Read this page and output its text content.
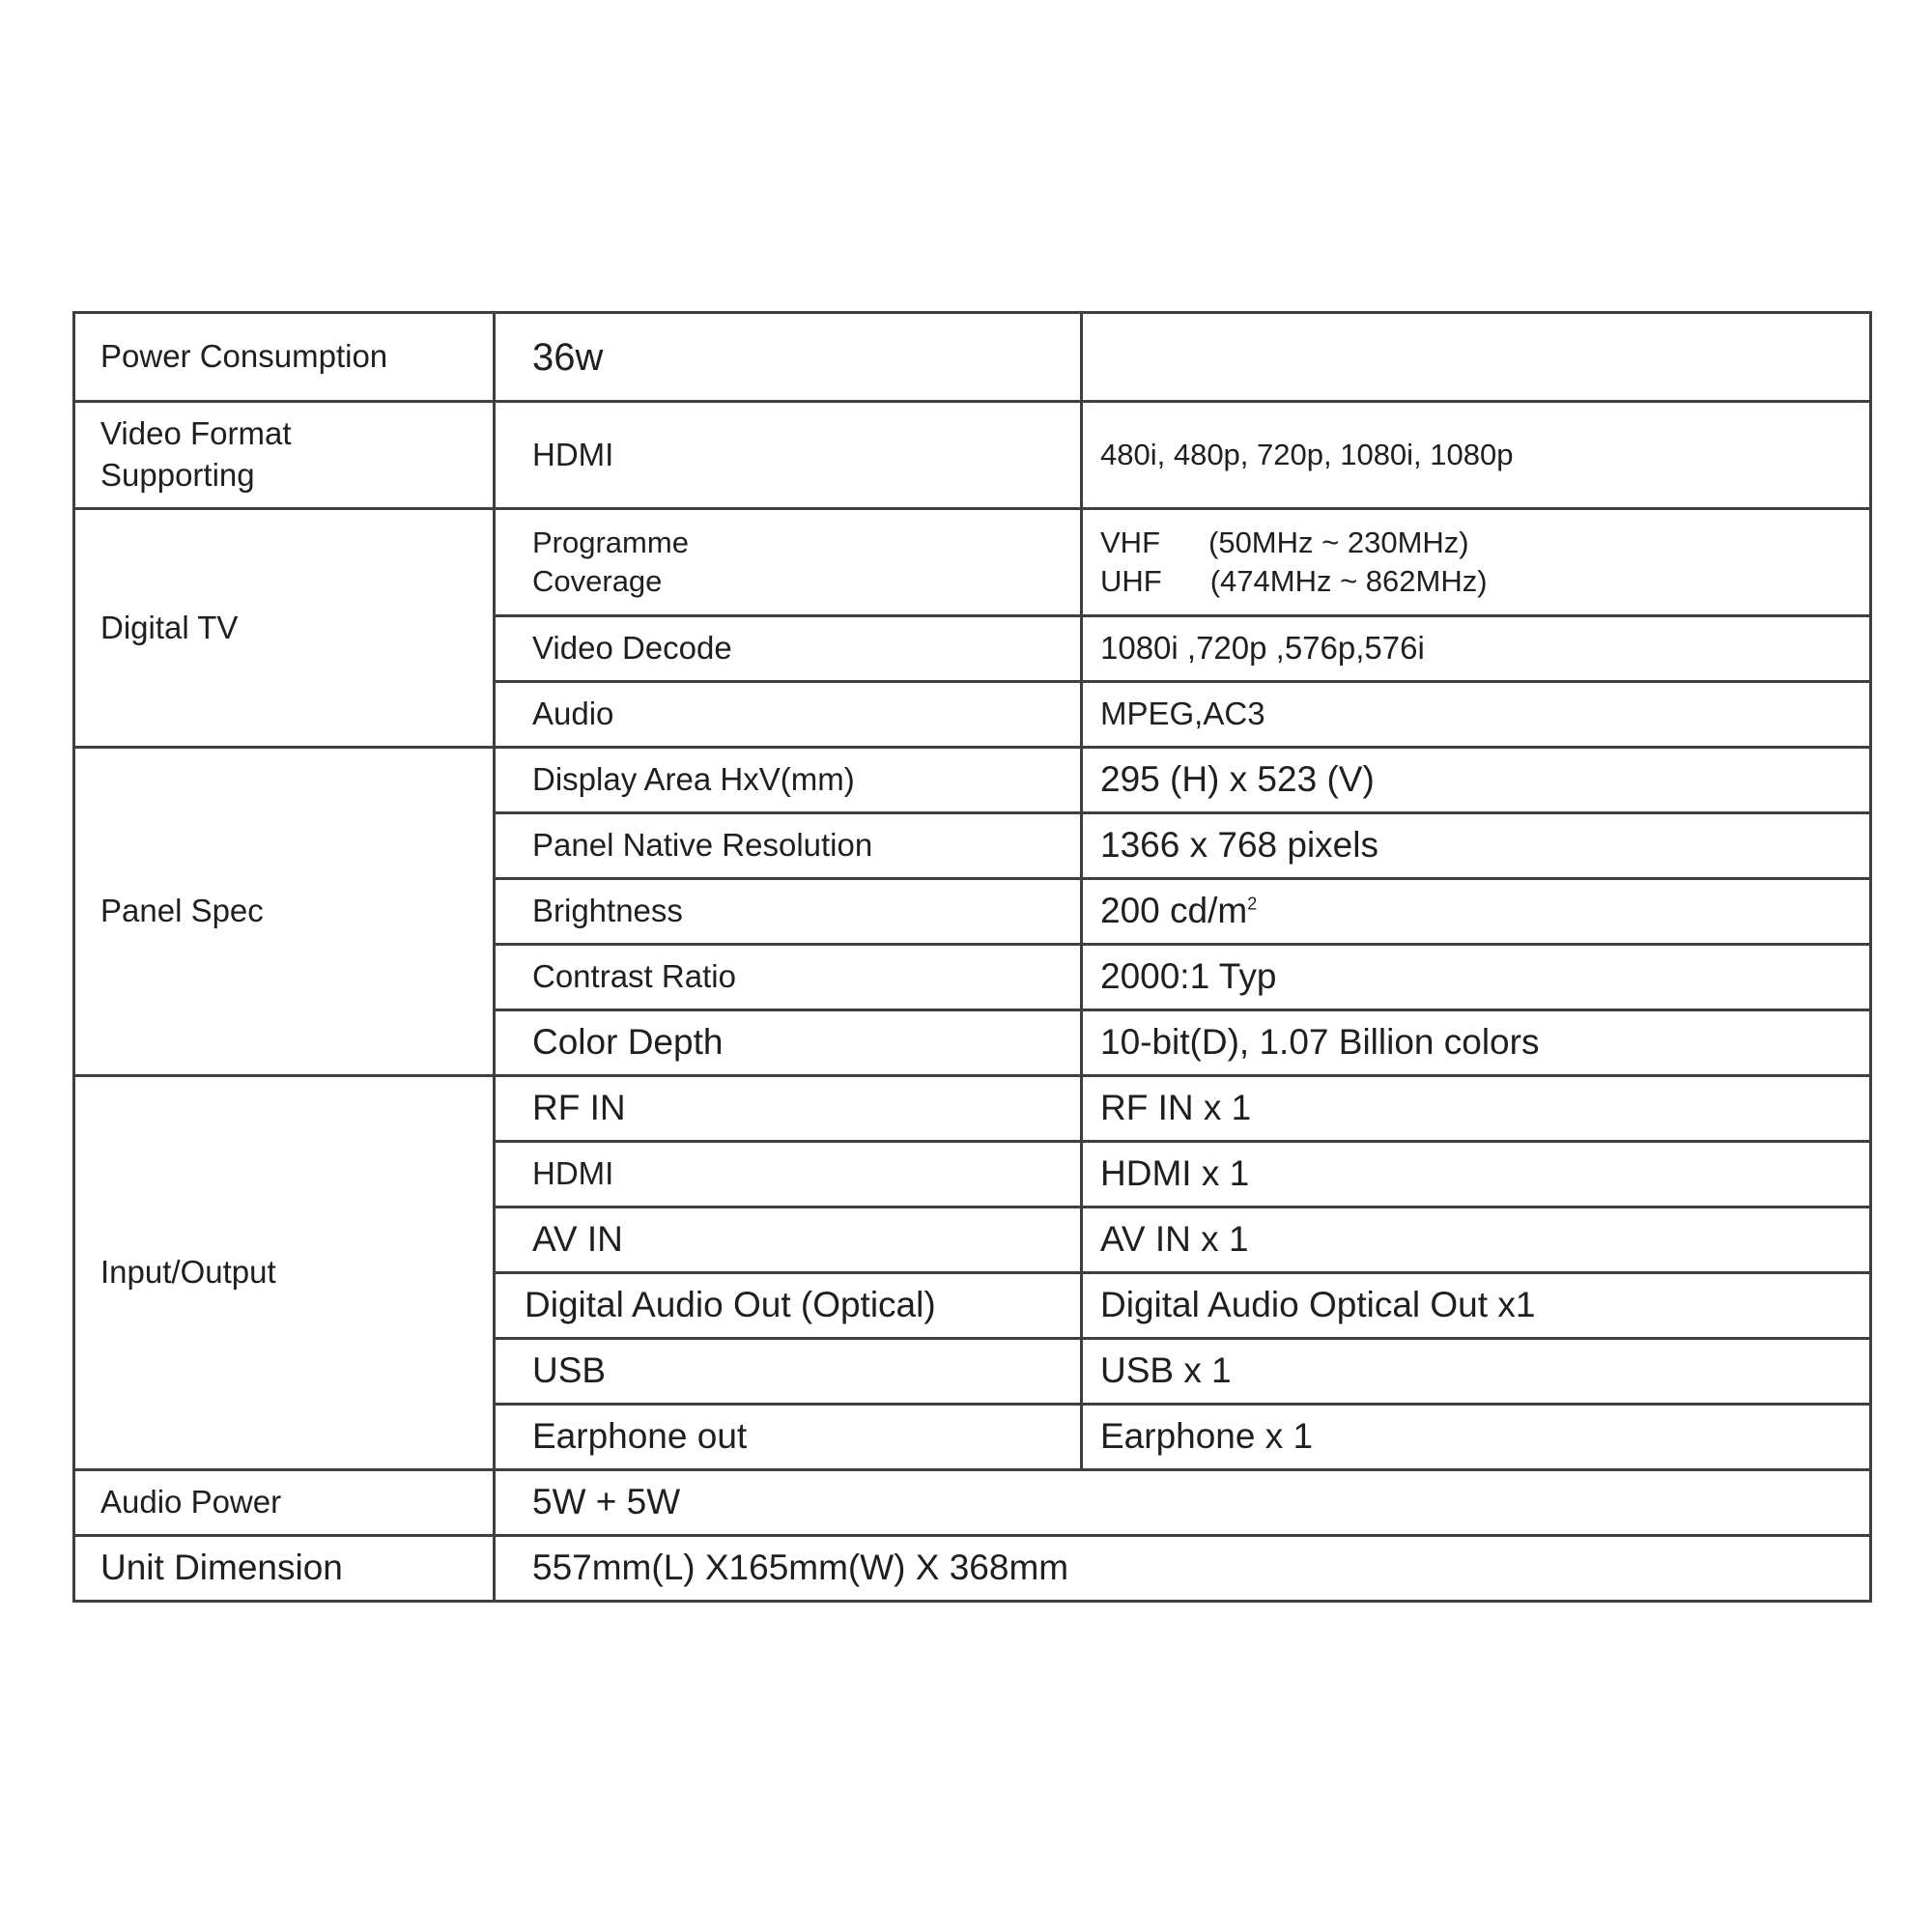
Power Consumption	36w	

Video Format
Supporting	HDMI	480i, 480p, 720p, 1080i, 1080p
Digital TV	Programme
Coverage	VHF (50MHz ~ 230MHz)
UHF (474MHz ~ 862MHz)

	Video Decode	1080i ,720p ,576p,576i
	Audio	MPEG,AC3
Panel Spec	Display Area HxV(mm)	295 (H) x 523 (V)
	Panel Native Resolution	1366 x 768 pixels
	Brightness	200 $cd/m^2$
	Contrast Ratio	2000:1 Typ
	Color Depth	10-bit(D), 1.07 Billion colors
Input/Output	RF IN	RF IN x 1
	HDMI	HDMI x 1
	AV IN	AV IN x 1
	Digital Audio Out (Optical)	Digital Audio Optical Out x1
	USB	USB x 1
	Earphone out	Earphone x 1
Audio Power	5W + 5W	
Unit Dimension	557mm(L) X165mm(W) X 368mm	
